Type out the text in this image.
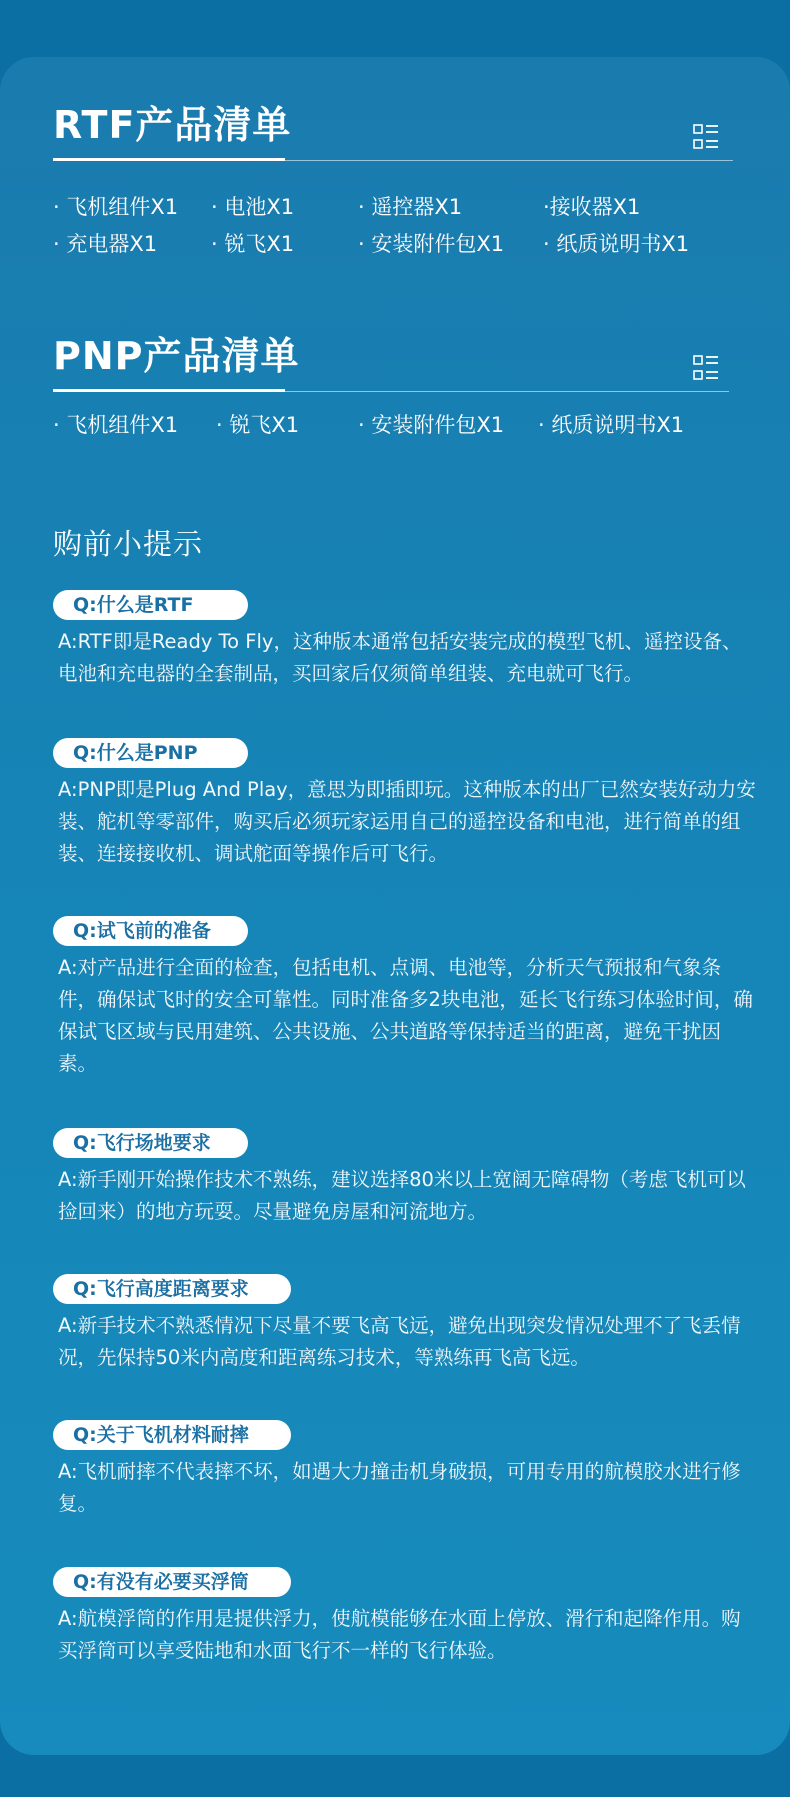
RTF产品清单
· 飞机组件X1 · 电池X1	· 遥控器X1	·接收器X1
· 充电器X1	· 锐飞X1	· 安装附件包X1 · 纸质说明书X1
PNP产品清单
· 飞机组件X1 · 锐飞X1	· 安装附件包X1 · 纸质说明书X1
购前小提示
Q:什么是RTF
A:RTF即是Ready To Fly，这种版本通常包括安装完成的模型飞机、遥控设备、电池和充电器的全套制品，买回家后仅须简单组装、充电就可飞行。
Q:什么是PNP
A:PNP即是Plug And Play，意思为即插即玩。这种版本的出厂已然安装好动力安装、舵机等零部件，购买后必须玩家运用自己的遥控设备和电池，进行简单的组装、连接接收机、调试舵面等操作后可飞行。
Q:试飞前的准备
A:对产品进行全面的检查，包括电机、点调、电池等，分析天气预报和气象条件，确保试飞时的安全可靠性。同时准备多2块电池，延长飞行练习体验时间，确保试飞区域与民用建筑、公共设施、公共道路等保持适当的距离，避免干扰因素。
Q:飞行场地要求
A:新手刚开始操作技术不熟练，建议选择80米以上宽阔无障碍物（考虑飞机可以捡回来）的地方玩耍。尽量避免房屋和河流地方。
Q:飞行高度距离要求
A:新手技术不熟悉情况下尽量不要飞高飞远，避免出现突发情况处理不了飞丢情况，先保持50米内高度和距离练习技术，等熟练再飞高飞远。
Q:关于飞机材料耐摔
A:飞机耐摔不代表摔不坏，如遇大力撞击机身破损，可用专用的航模胶水进行修复。
Q:有没有必要买浮筒
A:航模浮筒的作用是提供浮力，使航模能够在水面上停放、滑行和起降作用。购买浮筒可以享受陆地和水面飞行不一样的飞行体验。
